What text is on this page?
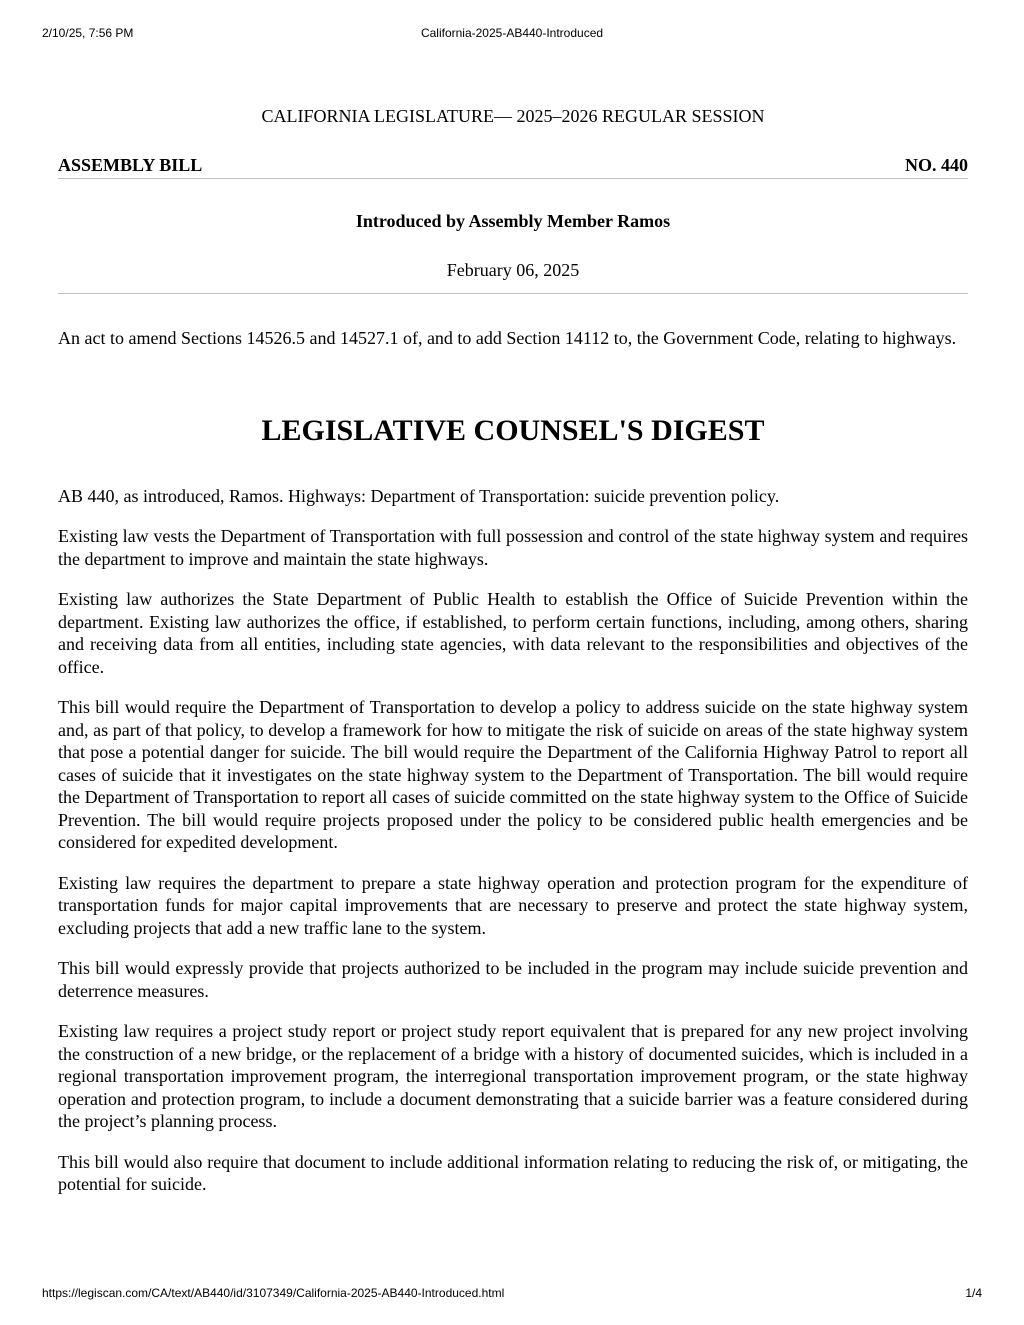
2/10/25, 7:56 PM	California-2025-AB440-Introduced
CALIFORNIA LEGISLATURE— 2025–2026 REGULAR SESSION
ASSEMBLY BILL	NO. 440
Introduced by Assembly Member Ramos
February 06, 2025
An act to amend Sections 14526.5 and 14527.1 of, and to add Section 14112 to, the Government Code, relating to highways.
LEGISLATIVE COUNSEL'S DIGEST
AB 440, as introduced, Ramos. Highways: Department of Transportation: suicide prevention policy.
Existing law vests the Department of Transportation with full possession and control of the state highway system and requires the department to improve and maintain the state highways.
Existing law authorizes the State Department of Public Health to establish the Office of Suicide Prevention within the department. Existing law authorizes the office, if established, to perform certain functions, including, among others, sharing and receiving data from all entities, including state agencies, with data relevant to the responsibilities and objectives of the office.
This bill would require the Department of Transportation to develop a policy to address suicide on the state highway system and, as part of that policy, to develop a framework for how to mitigate the risk of suicide on areas of the state highway system that pose a potential danger for suicide. The bill would require the Department of the California Highway Patrol to report all cases of suicide that it investigates on the state highway system to the Department of Transportation. The bill would require the Department of Transportation to report all cases of suicide committed on the state highway system to the Office of Suicide Prevention. The bill would require projects proposed under the policy to be considered public health emergencies and be considered for expedited development.
Existing law requires the department to prepare a state highway operation and protection program for the expenditure of transportation funds for major capital improvements that are necessary to preserve and protect the state highway system, excluding projects that add a new traffic lane to the system.
This bill would expressly provide that projects authorized to be included in the program may include suicide prevention and deterrence measures.
Existing law requires a project study report or project study report equivalent that is prepared for any new project involving the construction of a new bridge, or the replacement of a bridge with a history of documented suicides, which is included in a regional transportation improvement program, the interregional transportation improvement program, or the state highway operation and protection program, to include a document demonstrating that a suicide barrier was a feature considered during the project’s planning process.
This bill would also require that document to include additional information relating to reducing the risk of, or mitigating, the potential for suicide.
https://legiscan.com/CA/text/AB440/id/3107349/California-2025-AB440-Introduced.html	1/4
